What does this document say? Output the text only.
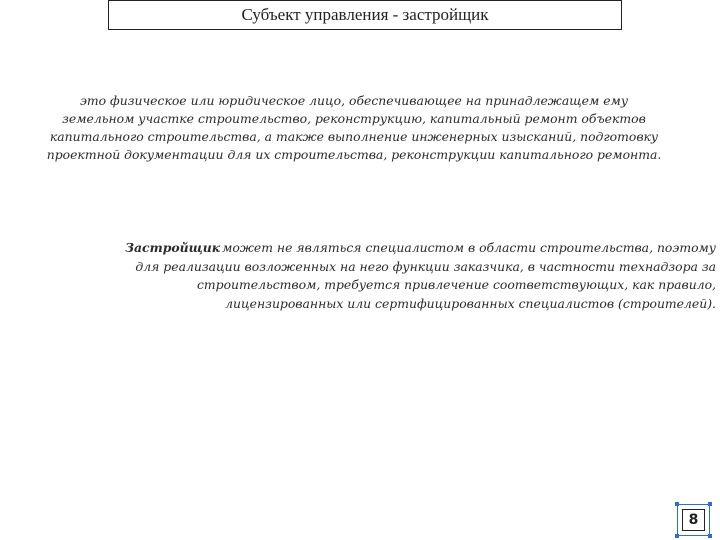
Субъект управления - застройщик

это физическое или юридическое лицо, обеспечивающее на принадлежащем ему земельном участке строительство, реконструкцию, капитальный ремонт объектов капитального строительства, а также выполнение инженерных изысканий, подготовку проектной документации для их строительства, реконструкции капитального ремонта.

Застройщик может не являться специалистом в области строительства, поэтому для реализации возложенных на него функции заказчика, в частности технадзора за строительством, требуется привлечение соответствующих, как правило, лицензированных или сертифицированных специалистов (строителей).

8
